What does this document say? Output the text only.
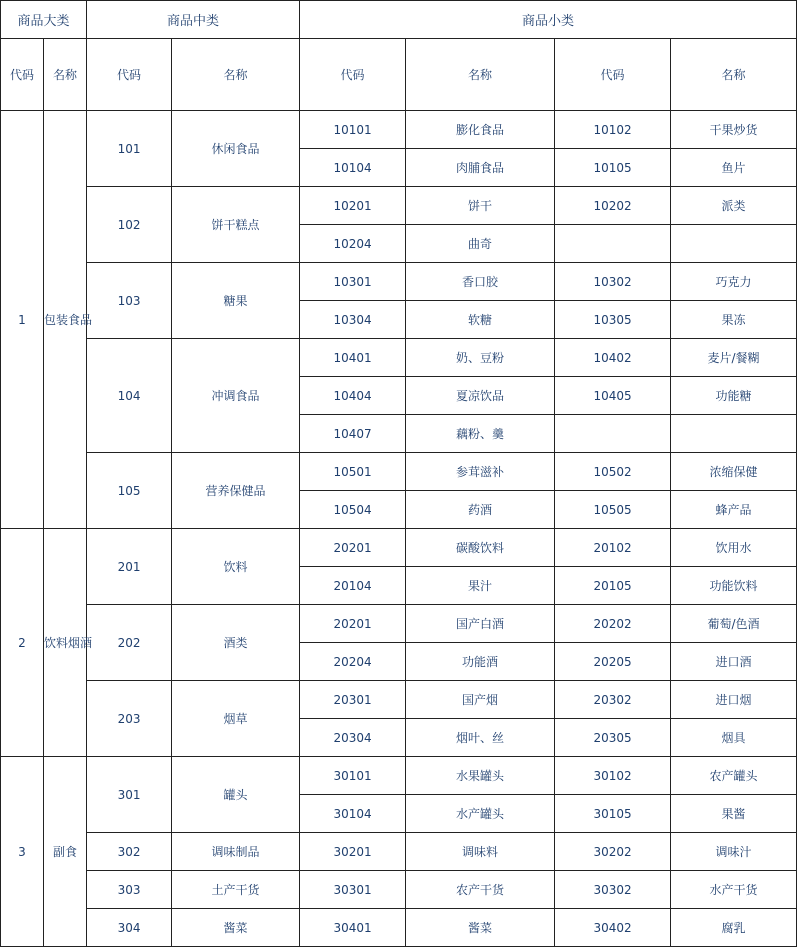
商品大类		商品中类		商品小类			
代码	名称	代码	名称	代码	名称	代码	名称
1	包装食品	101	休闲食品	10101	膨化食品	10102	干果炒货
				10104	肉脯食品	10105	鱼片
		102	饼干糕点	10201	饼干	10202	派类
				10204	曲奇		
		103	糖果	10301	香口胶	10302	巧克力
				10304	软糖	10305	果冻
		104	冲调食品	10401	奶、豆粉	10402	麦片/餐糊
				10404	夏凉饮品	10405	功能糖
				10407	藕粉、羹		
		105	营养保健品	10501	参茸滋补	10502	浓缩保健
				10504	药酒	10505	蜂产品
2	饮料烟酒	201	饮料	20201	碳酸饮料	20102	饮用水
				20104	果汁	20105	功能饮料
		202	酒类	20201	国产白酒	20202	葡萄/色酒
				20204	功能酒	20205	进口酒
		203	烟草	20301	国产烟	20302	进口烟
				20304	烟叶、丝	20305	烟具
3	副食	301	罐头	30101	水果罐头	30102	农产罐头
				30104	水产罐头	30105	果酱
		302	调味制品	30201	调味料	30202	调味汁
		303	土产干货	30301	农产干货	30302	水产干货
		304	酱菜	30401	酱菜	30402	腐乳
